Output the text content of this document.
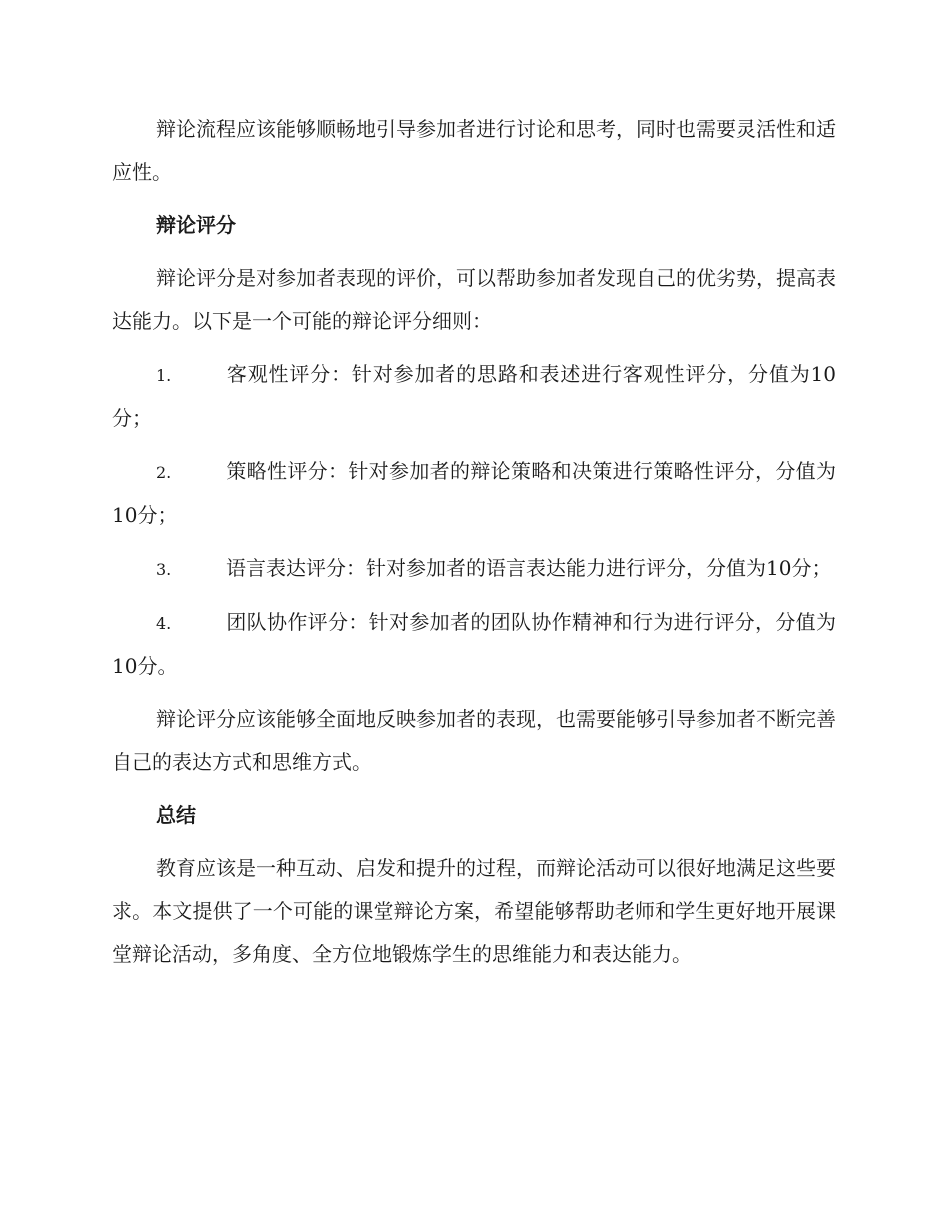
辩论流程应该能够顺畅地引导参加者进行讨论和思考，同时也需要灵活性和适应性。

辩论评分

辩论评分是对参加者表现的评价，可以帮助参加者发现自己的优劣势，提高表达能力。以下是一个可能的辩论评分细则：

1.	客观性评分：针对参加者的思路和表述进行客观性评分，分值为10分；

2.	策略性评分：针对参加者的辩论策略和决策进行策略性评分，分值为10分；

3.	语言表达评分：针对参加者的语言表达能力进行评分，分值为10分；

4.	团队协作评分：针对参加者的团队协作精神和行为进行评分，分值为10分。

辩论评分应该能够全面地反映参加者的表现，也需要能够引导参加者不断完善自己的表达方式和思维方式。

总结

教育应该是一种互动、启发和提升的过程，而辩论活动可以很好地满足这些要求。本文提供了一个可能的课堂辩论方案，希望能够帮助老师和学生更好地开展课堂辩论活动，多角度、全方位地锻炼学生的思维能力和表达能力。
